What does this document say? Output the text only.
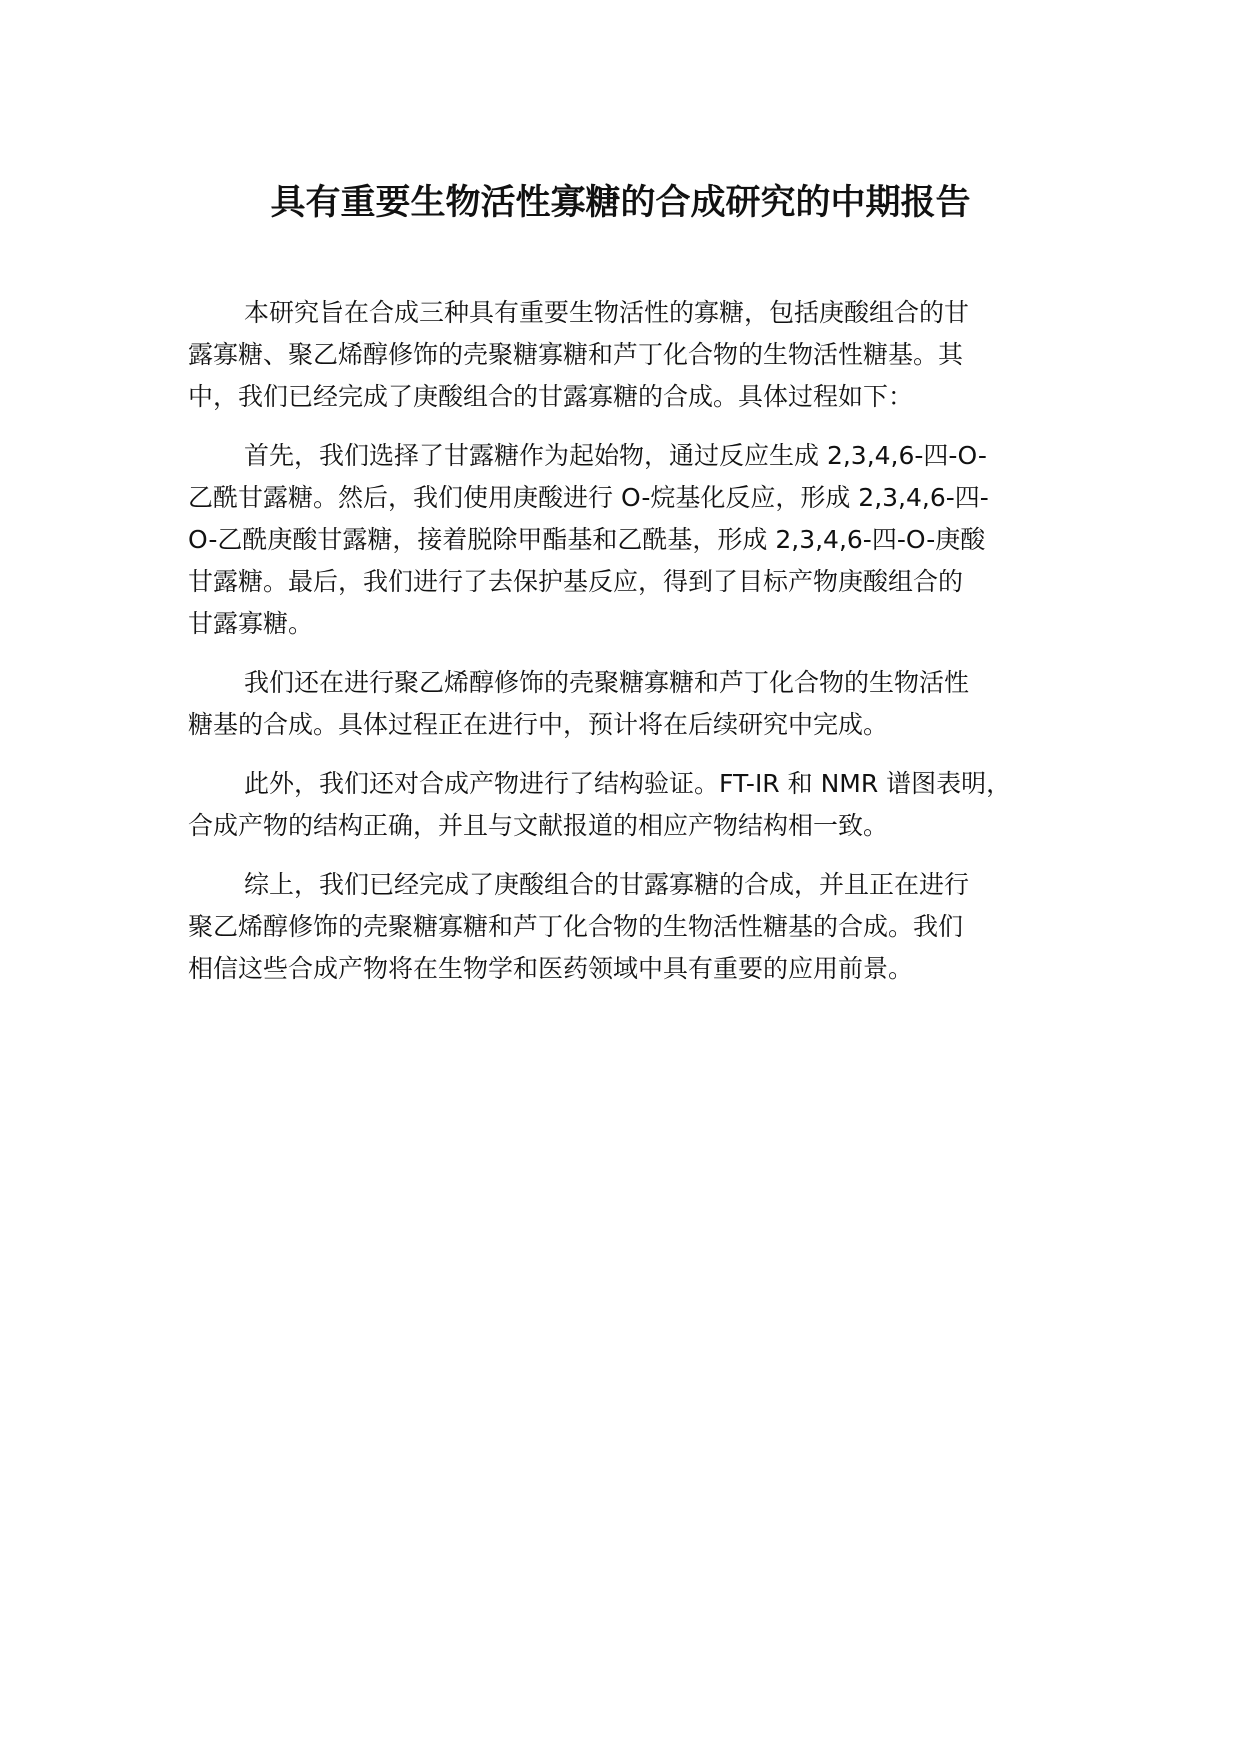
具有重要生物活性寡糖的合成研究的中期报告
本研究旨在合成三种具有重要生物活性的寡糖，包括庚酸组合的甘
露寡糖、聚乙烯醇修饰的壳聚糖寡糖和芦丁化合物的生物活性糖基。其
中，我们已经完成了庚酸组合的甘露寡糖的合成。具体过程如下：
首先，我们选择了甘露糖作为起始物，通过反应生成 2,3,4,6-四-O-
乙酰甘露糖。然后，我们使用庚酸进行 O-烷基化反应，形成 2,3,4,6-四-
O-乙酰庚酸甘露糖，接着脱除甲酯基和乙酰基，形成 2,3,4,6-四-O-庚酸
甘露糖。最后，我们进行了去保护基反应，得到了目标产物庚酸组合的
甘露寡糖。
我们还在进行聚乙烯醇修饰的壳聚糖寡糖和芦丁化合物的生物活性
糖基的合成。具体过程正在进行中，预计将在后续研究中完成。
此外，我们还对合成产物进行了结构验证。FT-IR 和 NMR 谱图表明，
合成产物的结构正确，并且与文献报道的相应产物结构相一致。
综上，我们已经完成了庚酸组合的甘露寡糖的合成，并且正在进行
聚乙烯醇修饰的壳聚糖寡糖和芦丁化合物的生物活性糖基的合成。我们
相信这些合成产物将在生物学和医药领域中具有重要的应用前景。
